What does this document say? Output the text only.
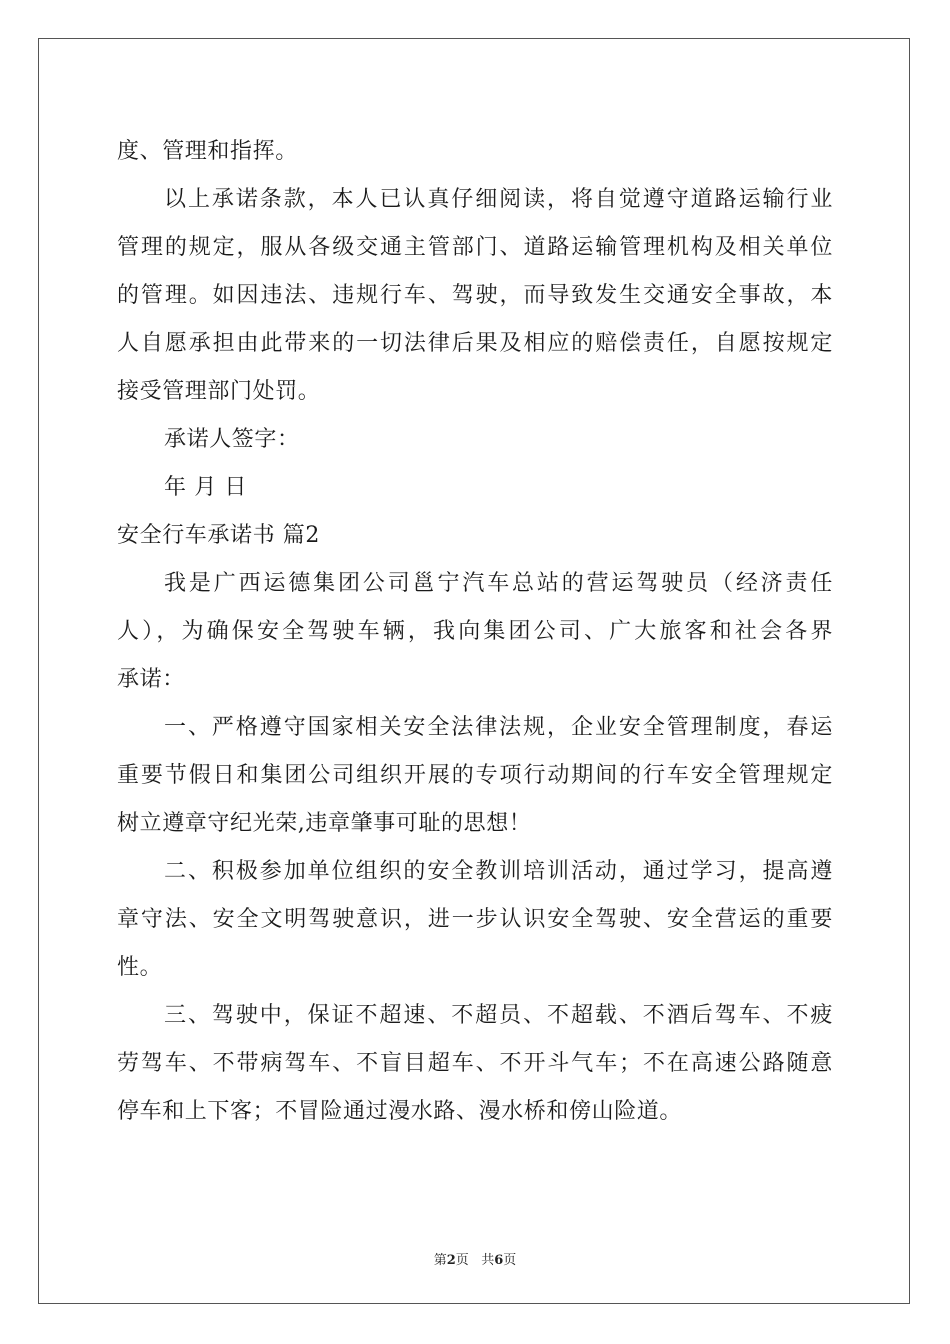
度、管理和指挥。
以上承诺条款，本人已认真仔细阅读，将自觉遵守道路运输行业
管理的规定，服从各级交通主管部门、道路运输管理机构及相关单位
的管理。如因违法、违规行车、驾驶，而导致发生交通安全事故，本
人自愿承担由此带来的一切法律后果及相应的赔偿责任，自愿按规定
接受管理部门处罚。
承诺人签字：
年 月 日
安全行车承诺书 篇2
我是广西运德集团公司邕宁汽车总站的营运驾驶员（经济责任
人），为确保安全驾驶车辆，我向集团公司、广大旅客和社会各界
承诺：
一、严格遵守国家相关安全法律法规，企业安全管理制度，春运
重要节假日和集团公司组织开展的专项行动期间的行车安全管理规定
树立遵章守纪光荣,违章肇事可耻的思想！
二、积极参加单位组织的安全教训培训活动，通过学习，提高遵
章守法、安全文明驾驶意识，进一步认识安全驾驶、安全营运的重要
性。
三、驾驶中，保证不超速、不超员、不超载、不酒后驾车、不疲
劳驾车、不带病驾车、不盲目超车、不开斗气车；不在高速公路随意
停车和上下客；不冒险通过漫水路、漫水桥和傍山险道。
第2页 共6页
